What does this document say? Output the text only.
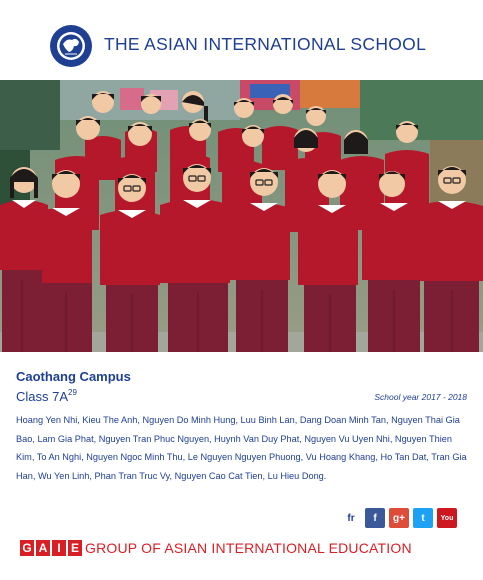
THE ASIAN INTERNATIONAL SCHOOL
Caothang Campus
Class $7A^{29}$	School year 2017 - 2018
Hoang Yen Nhi, Kieu The Anh, Nguyen Do Minh Hung, Luu Binh Lan, Dang Doan Minh Tan, Nguyen Thai Gia Bao, Lam Gia Phat, Nguyen Tran Phuc Nguyen, Huynh Van Duy Phat, Nguyen Vu Uyen Nhi, Nguyen Thien Kim, To An Nghi, Nguyen Ngoc Minh Thu, Le Nguyen Nguyen Phuong, Vu Hoang Khang, Ho Tan Dat, Tran Gia Han, Wu Yen Linh, Phan Tran Truc Vy, Nguyen Cao Cat Tien, Lu Hieu Dong.
fr	f	g+	t	You
G A I E GROUP OF ASIAN INTERNATIONAL EDUCATION
